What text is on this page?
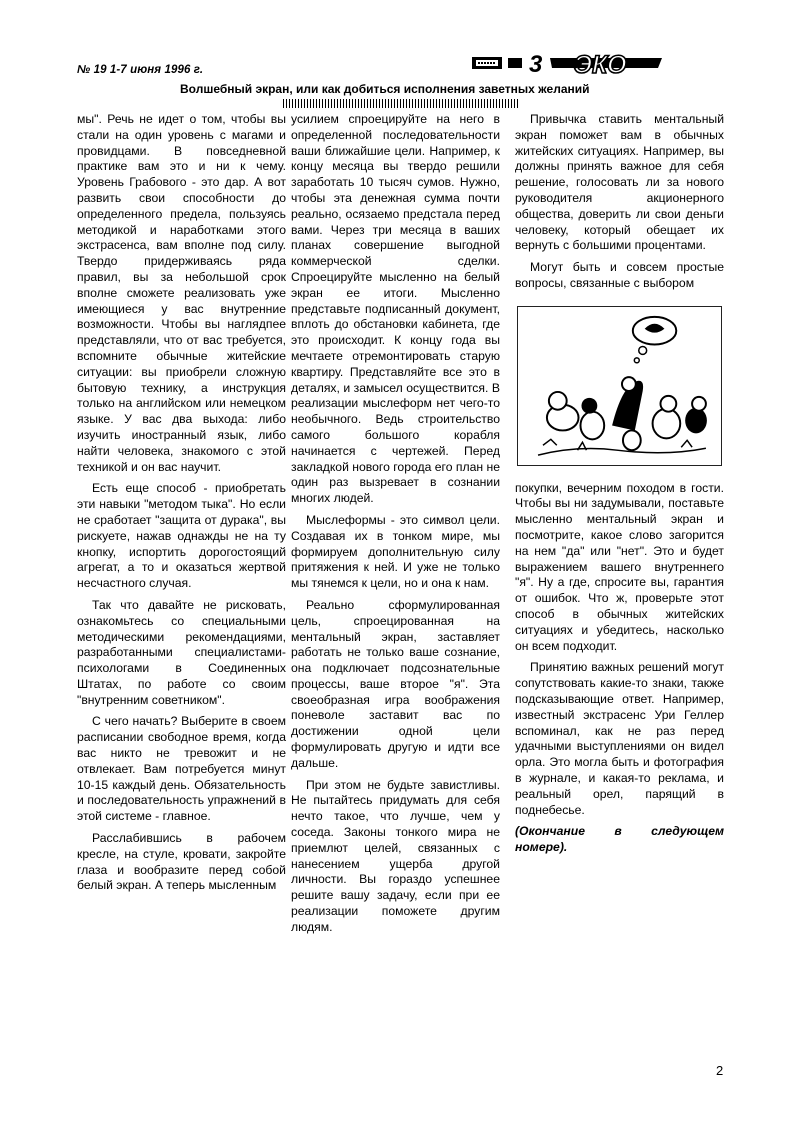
№ 19 1-7 июня 1996 г.	3 ЭКО
Волшебный экран, или как добиться исполнения заветных желаний

мы". Речь не идет о том, чтобы вы стали на один уровень с магами и провидцами. В повседневной практике вам это и ни к чему. Уровень Грабового - это дар. А вот развить свои способности до определенного предела, пользуясь методикой и наработками этого экстрасенса, вам вполне под силу. Твердо придерживаясь ряда правил, вы за небольшой срок вполне сможете реализовать уже имеющиеся у вас внутренние возможности. Чтобы вы наглядпее представляли, что от вас требуется, вспомните обычные житейские ситуации: вы приобрели сложную бытовую технику, а инструкция только на английском или немецком языке. У вас два выхода: либо изучить иностранный язык, либо найти человека, знакомого с этой техникой и он вас научит.

Есть еще способ - приобретать эти навыки "методом тыка". Но если не сработает "защита от дурака", вы рискуете, нажав однажды не на ту кнопку, испортить дорогостоящий агрегат, а то и оказаться жертвой несчастного случая.

Так что давайте не рисковать, ознакомьтесь со специальными методическими рекомендациями, разработанными специалистами-психологами в Соединенных Штатах, по работе со своим "внутренним советником".

С чего начать? Выберите в своем расписании свободное время, когда вас никто не тревожит и не отвлекает. Вам потребуется минут 10-15 каждый день. Обязательность и последовательность упражнений в этой системе - главное.

Расслабившись в рабочем кресле, на стуле, кровати, закройте глаза и вообразите перед собой белый экран. А теперь мысленным

усилием спроецируйте на него в определенной последовательности ваши ближайшие цели. Например, к концу месяца вы твердо решили заработать 10 тысяч сумов. Нужно, чтобы эта денежная сумма почти реально, осязаемо предстала перед вами. Через три месяца в ваших планах совершение выгодной коммерческой сделки. Спроецируйте мысленно на белый экран ее итоги. Мысленно представьте подписанный документ, вплоть до обстановки кабинета, где это происходит. К концу года вы мечтаете отремонтировать старую квартиру. Представляйте все это в деталях, и замысел осуществится. В реализации мыслеформ нет чего-то необычного. Ведь строительство самого большого корабля начинается с чертежей. Перед закладкой нового города его план не один раз вызревает в сознании многих людей.

Мыслеформы - это символ цели. Создавая их в тонком мире, мы формируем дополнительную силу притяжения к ней. И уже не только мы тянемся к цели, но и она к нам.

Реально сформулированная цель, спроецированная на ментальный экран, заставляет работать не только ваше сознание, она подключает подсознательные процессы, ваше второе "я". Эта своеобразная игра воображения поневоле заставит вас по достижении одной цели формулировать другую и идти все дальше.

При этом не будьте завистливы. Не пытайтесь придумать для себя нечто такое, что лучше, чем у соседа. Законы тонкого мира не приемлют целей, связанных с нанесением ущерба другой личности. Вы гораздо успешнее решите вашу задачу, если при ее реализации поможете другим людям.

Привычка ставить ментальный экран поможет вам в обычных житейских ситуациях. Например, вы должны принять важное для себя решение, голосовать ли за нового руководителя акционерного общества, доверить ли свои деньги человеку, который обещает их вернуть с большими процентами.

Могут быть и совсем простые вопросы, связанные с выбором

покупки, вечерним походом в гости. Чтобы вы ни задумывали, поставьте мысленно ментальный экран и посмотрите, какое слово загорится на нем "да" или "нет". Это и будет выражением вашего внутреннего "я". Ну а где, спросите вы, гарантия от ошибок. Что ж, проверьте этот способ в обычных житейских ситуациях и убедитесь, насколько он всем подходит.

Принятию важных решений могут сопутствовать какие-то знаки, также подсказывающие ответ. Например, известный экстрасенс Ури Геллер вспоминал, как не раз перед удачными выступлениями он видел орла. Это могла быть и фотография в журнале, и какая-то реклама, и реальный орел, парящий в поднебесье.

(Окончание в следующем номере).

2
